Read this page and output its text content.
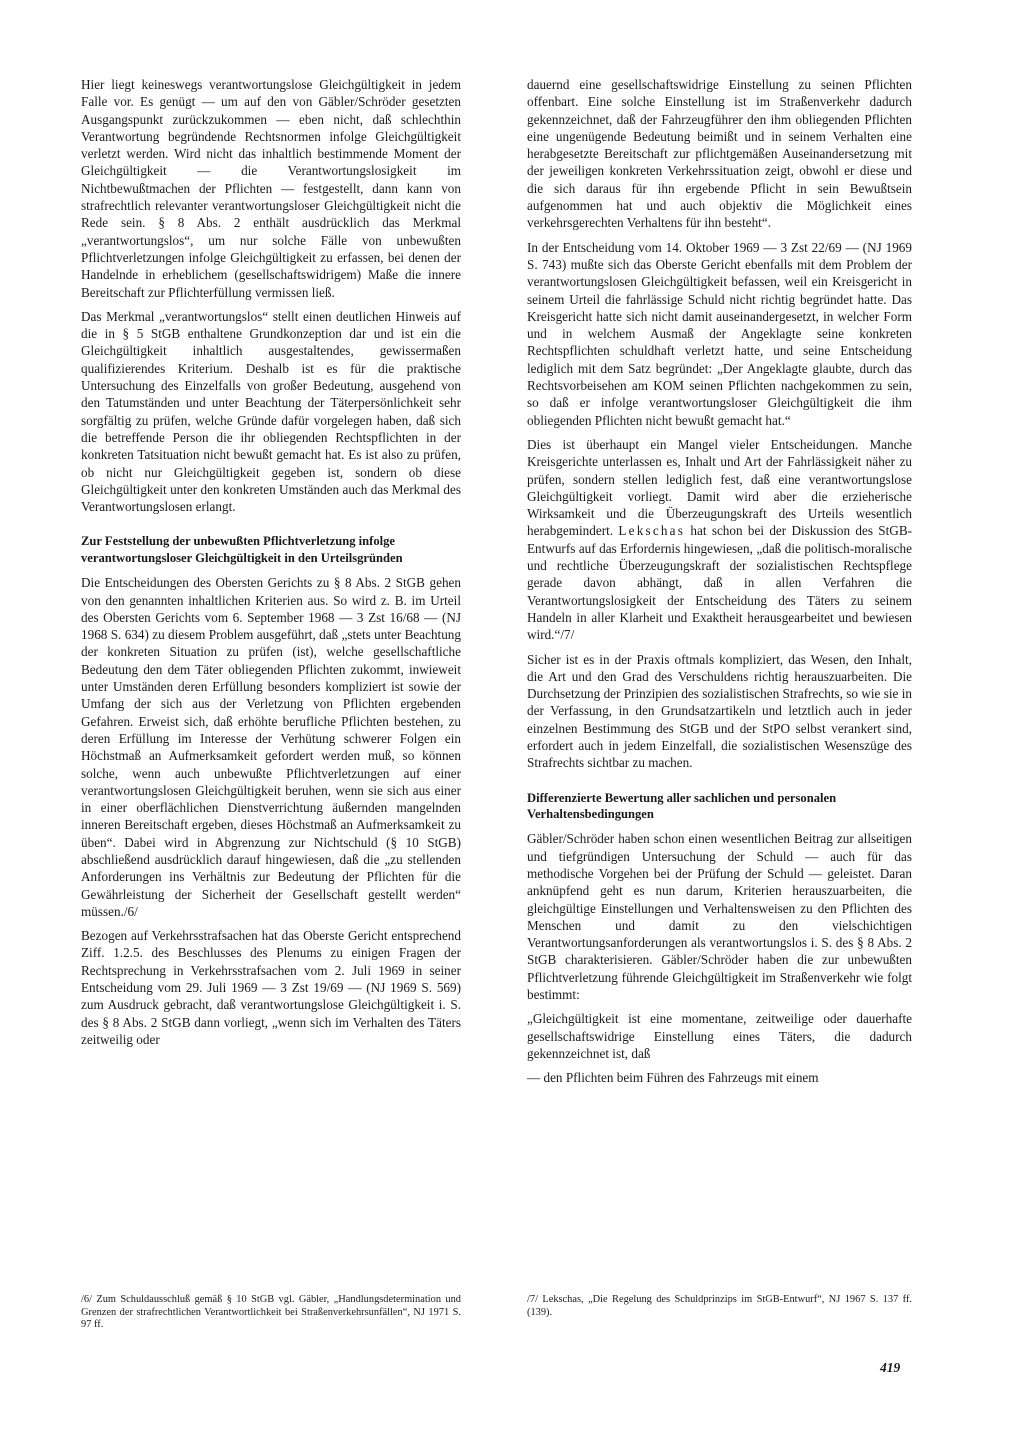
Hier liegt keineswegs verantwortungslose Gleichgültigkeit in jedem Falle vor. Es genügt — um auf den von Gäbler/Schröder gesetzten Ausgangspunkt zurückzukommen — eben nicht, daß schlechthin Verantwortung begründende Rechtsnormen infolge Gleichgültigkeit verletzt werden. Wird nicht das inhaltlich bestimmende Moment der Gleichgültigkeit — die Verantwortungslosigkeit im Nichtbewußtmachen der Pflichten — festgestellt, dann kann von strafrechtlich relevanter verantwortungsloser Gleichgültigkeit nicht die Rede sein. § 8 Abs. 2 enthält ausdrücklich das Merkmal „verantwortungslos“, um nur solche Fälle von unbewußten Pflichtverletzungen infolge Gleichgültigkeit zu erfassen, bei denen der Handelnde in erheblichem (gesellschaftswidrigem) Maße die innere Bereitschaft zur Pflichterfüllung vermissen ließ.

Das Merkmal „verantwortungslos“ stellt einen deutlichen Hinweis auf die in § 5 StGB enthaltene Grundkonzeption dar und ist ein die Gleichgültigkeit inhaltlich ausgestaltendes, gewissermaßen qualifizierendes Kriterium. Deshalb ist es für die praktische Untersuchung des Einzelfalls von großer Bedeutung, ausgehend von den Tatumständen und unter Beachtung der Täterpersönlichkeit sehr sorgfältig zu prüfen, welche Gründe dafür vorgelegen haben, daß sich die betreffende Person die ihr obliegenden Rechtspflichten in der konkreten Tatsituation nicht bewußt gemacht hat. Es ist also zu prüfen, ob nicht nur Gleichgültigkeit gegeben ist, sondern ob diese Gleichgültigkeit unter den konkreten Umständen auch das Merkmal des Verantwortungslosen erlangt.

Zur Feststellung der unbewußten Pflichtverletzung infolge verantwortungsloser Gleichgültigkeit in den Urteilsgründen

Die Entscheidungen des Obersten Gerichts zu § 8 Abs. 2 StGB gehen von den genannten inhaltlichen Kriterien aus. So wird z. B. im Urteil des Obersten Gerichts vom 6. September 1968 — 3 Zst 16/68 — (NJ 1968 S. 634) zu diesem Problem ausgeführt, daß „stets unter Beachtung der konkreten Situation zu prüfen (ist), welche gesellschaftliche Bedeutung den dem Täter obliegenden Pflichten zukommt, inwieweit unter Umständen deren Erfüllung besonders kompliziert ist sowie der Umfang der sich aus der Verletzung von Pflichten ergebenden Gefahren. Erweist sich, daß erhöhte berufliche Pflichten bestehen, zu deren Erfüllung im Interesse der Verhütung schwerer Folgen ein Höchstmaß an Aufmerksamkeit gefordert werden muß, so können solche, wenn auch unbewußte Pflichtverletzungen auf einer verantwortungslosen Gleichgültigkeit beruhen, wenn sie sich aus einer in einer oberflächlichen Dienstverrichtung äußernden mangelnden inneren Bereitschaft ergeben, dieses Höchstmaß an Aufmerksamkeit zu üben“. Dabei wird in Abgrenzung zur Nichtschuld (§ 10 StGB) abschließend ausdrücklich darauf hingewiesen, daß die „zu stellenden Anforderungen ins Verhältnis zur Bedeutung der Pflichten für die Gewährleistung der Sicherheit der Gesellschaft gestellt werden“ müssen./6/

Bezogen auf Verkehrsstrafsachen hat das Oberste Gericht entsprechend Ziff. 1.2.5. des Beschlusses des Plenums zu einigen Fragen der Rechtsprechung in Verkehrsstrafsachen vom 2. Juli 1969 in seiner Entscheidung vom 29. Juli 1969 — 3 Zst 19/69 — (NJ 1969 S. 569) zum Ausdruck gebracht, daß verantwortungslose Gleichgültigkeit i. S. des § 8 Abs. 2 StGB dann vorliegt, „wenn sich im Verhalten des Täters zeitweilig oder

dauernd eine gesellschaftswidrige Einstellung zu seinen Pflichten offenbart. Eine solche Einstellung ist im Straßenverkehr dadurch gekennzeichnet, daß der Fahrzeugführer den ihm obliegenden Pflichten eine ungenügende Bedeutung beimißt und in seinem Verhalten eine herabgesetzte Bereitschaft zur pflichtgemäßen Auseinandersetzung mit der jeweiligen konkreten Verkehrssituation zeigt, obwohl er diese und die sich daraus für ihn ergebende Pflicht in sein Bewußtsein aufgenommen hat und auch objektiv die Möglichkeit eines verkehrsgerechten Verhaltens für ihn besteht“.

In der Entscheidung vom 14. Oktober 1969 — 3 Zst 22/69 — (NJ 1969 S. 743) mußte sich das Oberste Gericht ebenfalls mit dem Problem der verantwortungslosen Gleichgültigkeit befassen, weil ein Kreisgericht in seinem Urteil die fahrlässige Schuld nicht richtig begründet hatte. Das Kreisgericht hatte sich nicht damit auseinandergesetzt, in welcher Form und in welchem Ausmaß der Angeklagte seine konkreten Rechtspflichten schuldhaft verletzt hatte, und seine Entscheidung lediglich mit dem Satz begründet: „Der Angeklagte glaubte, durch das Rechtsvorbeisehen am KOM seinen Pflichten nachgekommen zu sein, so daß er infolge verantwortungsloser Gleichgültigkeit die ihm obliegenden Pflichten nicht bewußt gemacht hat.“

Dies ist überhaupt ein Mangel vieler Entscheidungen. Manche Kreisgerichte unterlassen es, Inhalt und Art der Fahrlässigkeit näher zu prüfen, sondern stellen lediglich fest, daß eine verantwortungslose Gleichgültigkeit vorliegt. Damit wird aber die erzieherische Wirksamkeit und die Überzeugungskraft des Urteils wesentlich herabgemindert. Lekschas hat schon bei der Diskussion des StGB-Entwurfs auf das Erfordernis hingewiesen, „daß die politisch-moralische und rechtliche Überzeugungskraft der sozialistischen Rechtspflege gerade davon abhängt, daß in allen Verfahren die Verantwortungslosigkeit der Entscheidung des Täters zu seinem Handeln in aller Klarheit und Exaktheit herausgearbeitet und bewiesen wird.“/7/

Sicher ist es in der Praxis oftmals kompliziert, das Wesen, den Inhalt, die Art und den Grad des Verschuldens richtig herauszuarbeiten. Die Durchsetzung der Prinzipien des sozialistischen Strafrechts, so wie sie in der Verfassung, in den Grundsatzartikeln und letztlich auch in jeder einzelnen Bestimmung des StGB und der StPO selbst verankert sind, erfordert auch in jedem Einzelfall, die sozialistischen Wesenszüge des Strafrechts sichtbar zu machen.

Differenzierte Bewertung aller sachlichen und personalen Verhaltensbedingungen

Gäbler/Schröder haben schon einen wesentlichen Beitrag zur allseitigen und tiefgründigen Untersuchung der Schuld — auch für das methodische Vorgehen bei der Prüfung der Schuld — geleistet. Daran anknüpfend geht es nun darum, Kriterien herauszuarbeiten, die gleichgültige Einstellungen und Verhaltensweisen zu den Pflichten des Menschen und damit zu den vielschichtigen Verantwortungsanforderungen als verantwortungslos i. S. des § 8 Abs. 2 StGB charakterisieren. Gäbler/Schröder haben die zur unbewußten Pflichtverletzung führende Gleichgültigkeit im Straßenverkehr wie folgt bestimmt:

„Gleichgültigkeit ist eine momentane, zeitweilige oder dauerhafte gesellschaftswidrige Einstellung eines Täters, die dadurch gekennzeichnet ist, daß

— den Pflichten beim Führen des Fahrzeugs mit einem

/6/ Zum Schuldausschluß gemäß § 10 StGB vgl. Gäbler, „Handlungsdetermination und Grenzen der strafrechtlichen Verantwortlichkeit bei Straßenverkehrsunfällen“, NJ 1971 S. 97 ff.

/7/ Lekschas, „Die Regelung des Schuldprinzips im StGB-Entwurf“, NJ 1967 S. 137 ff. (139).

419
